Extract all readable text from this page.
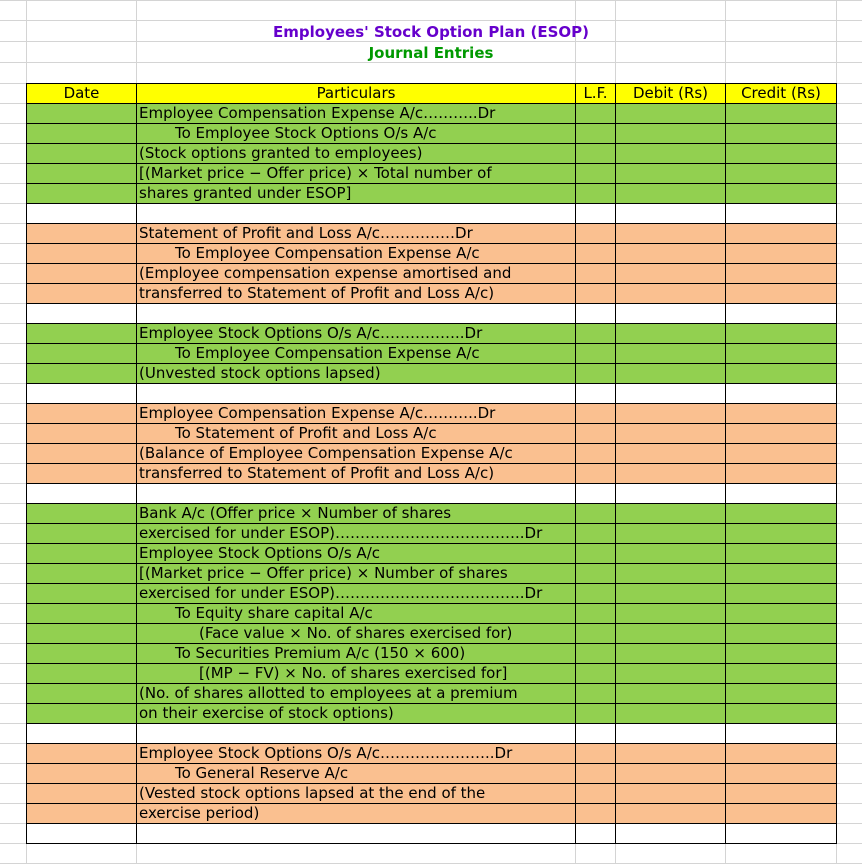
Employees' Stock Option Plan (ESOP)
Journal Entries
Date	Particulars	L.F.	Debit (Rs)	Credit (Rs)
	Employee Compensation Expense A/c………..Dr			
	To Employee Stock Options O/s A/c			
	(Stock options granted to employees)			
	[(Market price − Offer price) × Total number of			
	shares granted under ESOP]			

	Statement of Profit and Loss A/c……………Dr			
	To Employee Compensation Expense A/c			
	(Employee compensation expense amortised and			
	transferred to Statement of Profit and Loss A/c)			

	Employee Stock Options O/s A/c……………..Dr			
	To Employee Compensation Expense A/c			
	(Unvested stock options lapsed)			

	Employee Compensation Expense A/c………..Dr			
	To Statement of Profit and Loss A/c			
	(Balance of Employee Compensation Expense A/c			
	transferred to Statement of Profit and Loss A/c)			

	Bank A/c (Offer price × Number of shares			
	exercised for under ESOP)………………………………..Dr			
	Employee Stock Options O/s A/c			
	[(Market price − Offer price) × Number of shares			
	exercised for under ESOP)………………………………..Dr			
	To Equity share capital A/c			
	(Face value × No. of shares exercised for)			
	To Securities Premium A/c (150 × 600)			
	[(MP − FV) × No. of shares exercised for]			
	(No. of shares allotted to employees at a premium			
	on their exercise of stock options)			

	Employee Stock Options O/s A/c…………………..Dr			
	To General Reserve A/c			
	(Vested stock options lapsed at the end of the			
	exercise period)			
